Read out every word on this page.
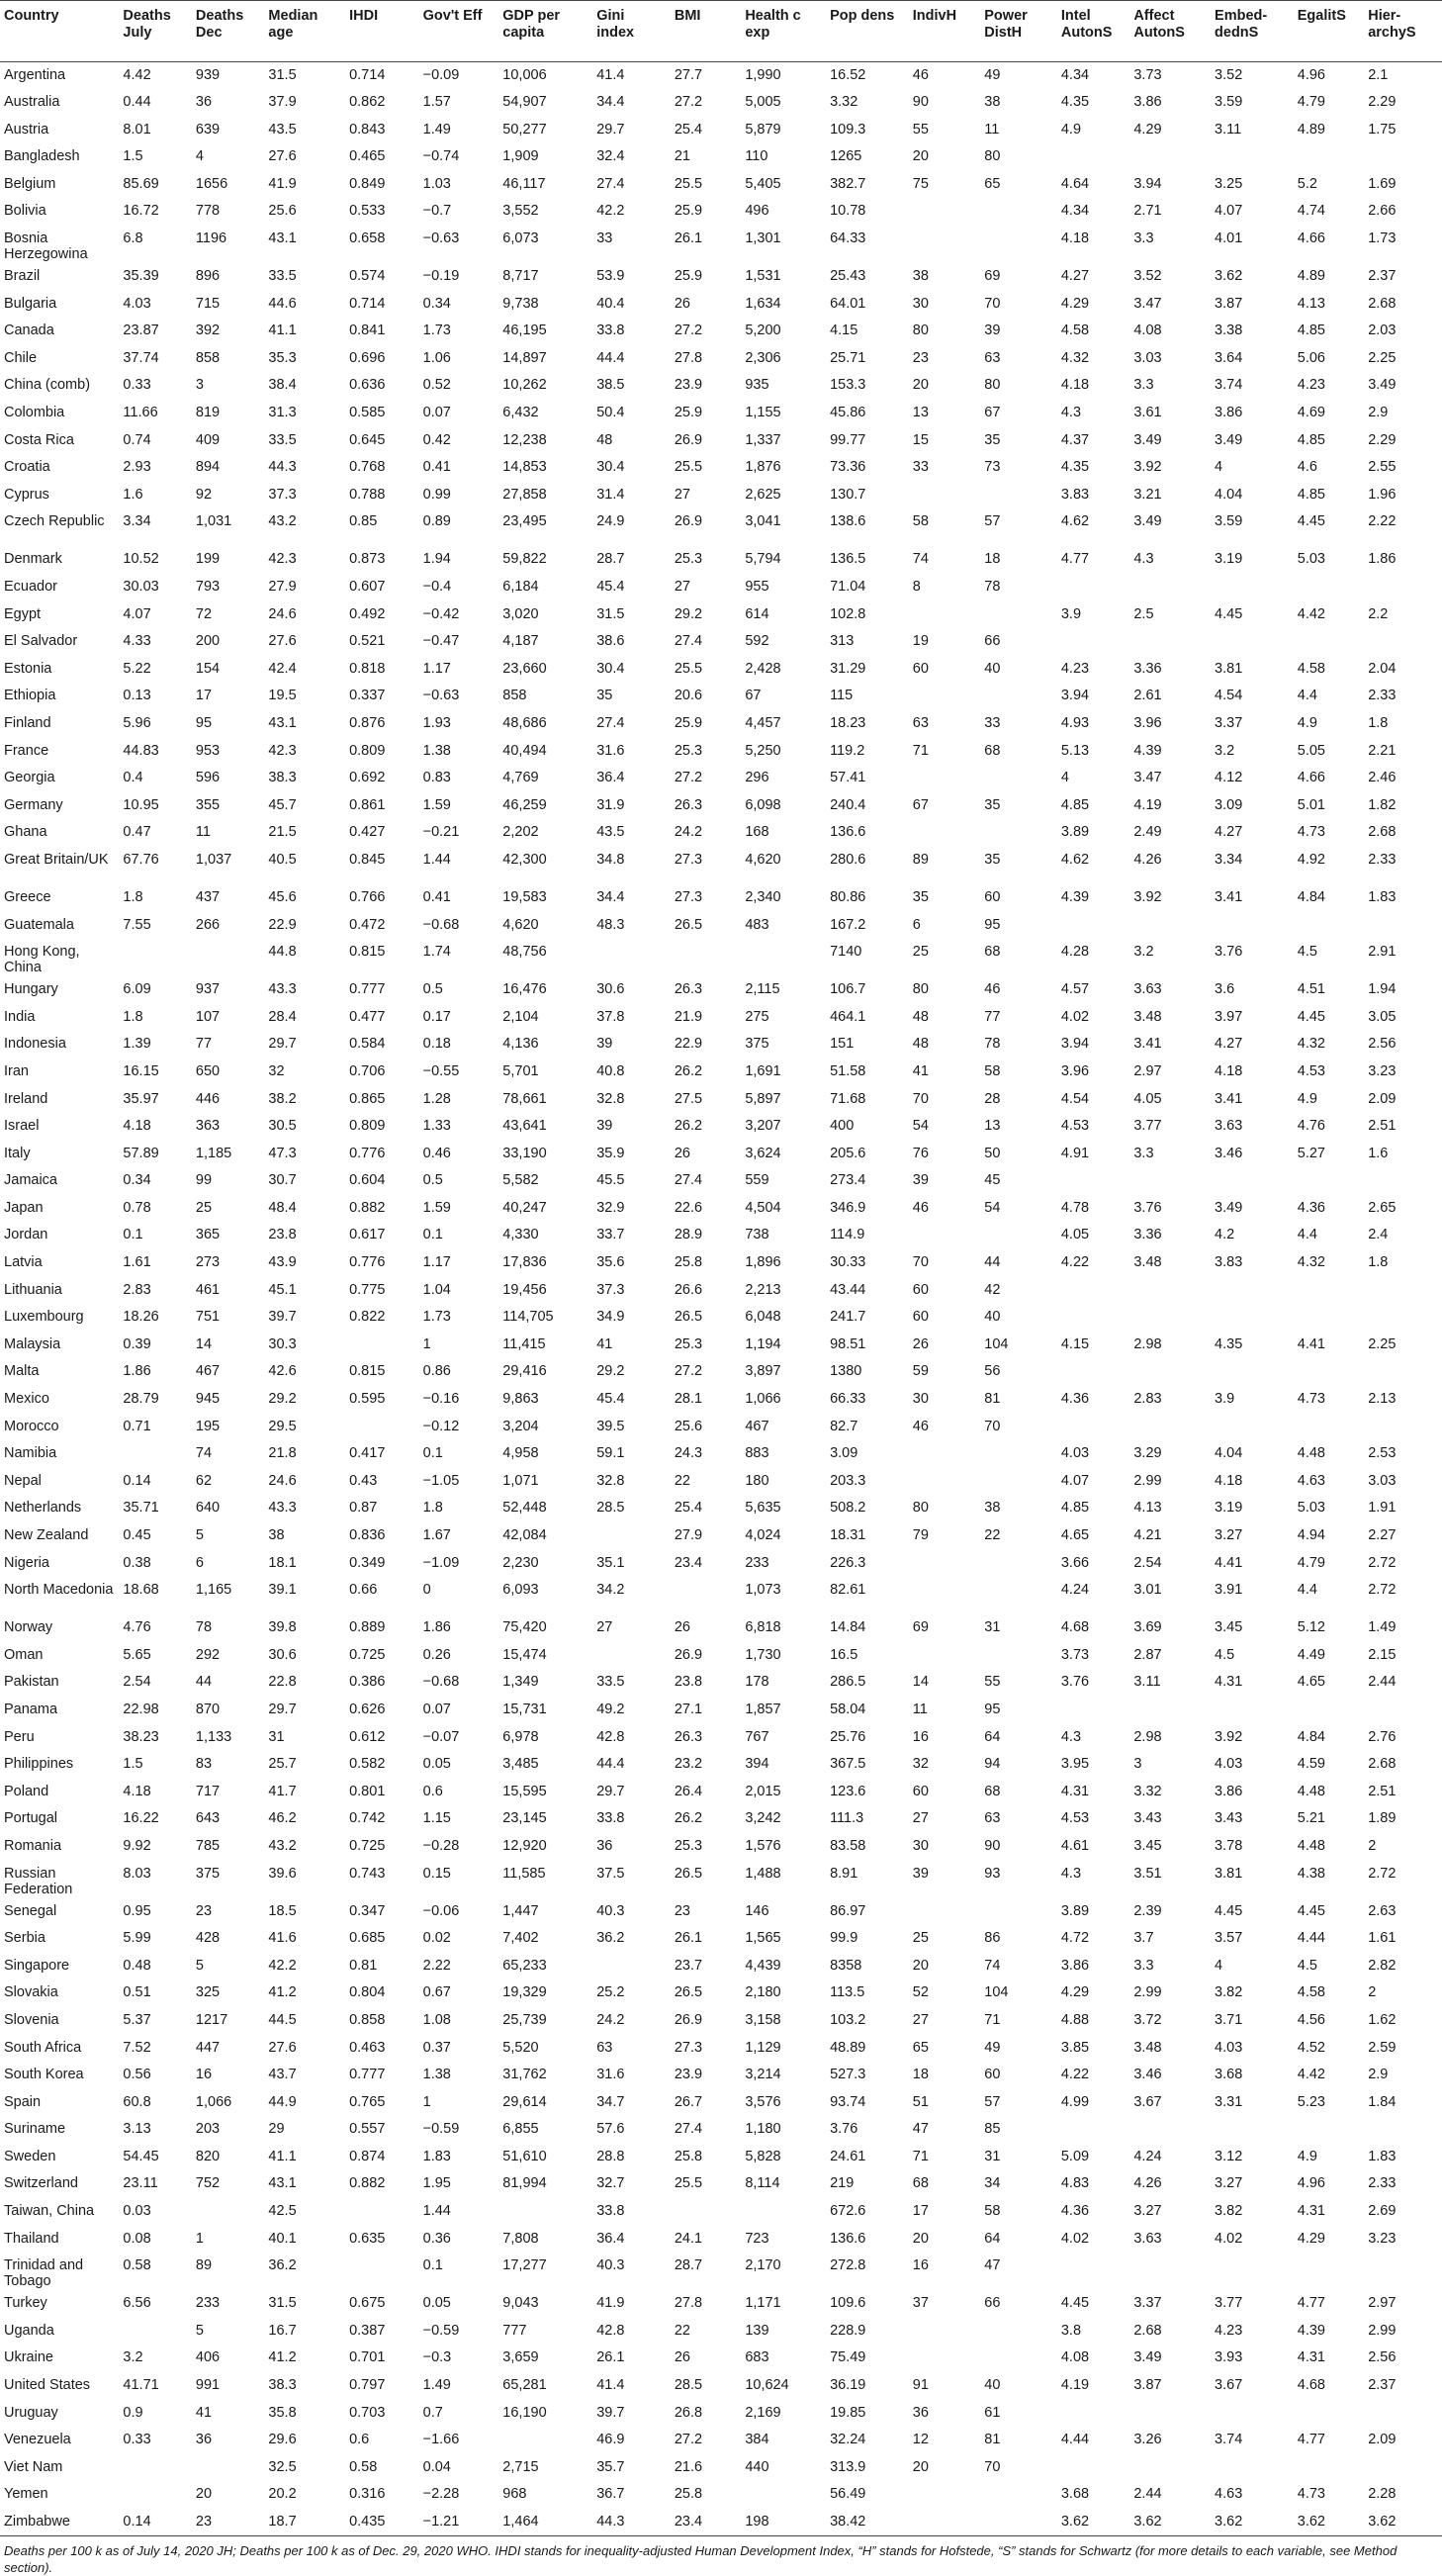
Country	Deaths July	Deaths Dec	Median age	IHDI	Gov't Eff	GDP per capita	Gini index	BMI	Health c exp	Pop dens	IndivH	Power DistH	Intel AutonS	Affect AutonS	Embed-dednS	EgalitS	Hier-archyS
Argentina	4.42	939	31.5	0.714	−0.09	10,006	41.4	27.7	1,990	16.52	46	49	4.34	3.73	3.52	4.96	2.1
Australia	0.44	36	37.9	0.862	1.57	54,907	34.4	27.2	5,005	3.32	90	38	4.35	3.86	3.59	4.79	2.29
Austria	8.01	639	43.5	0.843	1.49	50,277	29.7	25.4	5,879	109.3	55	11	4.9	4.29	3.11	4.89	1.75
Bangladesh	1.5	4	27.6	0.465	−0.74	1,909	32.4	21	110	1265	20	80					
Belgium	85.69	1656	41.9	0.849	1.03	46,117	27.4	25.5	5,405	382.7	75	65	4.64	3.94	3.25	5.2	1.69
Bolivia	16.72	778	25.6	0.533	−0.7	3,552	42.2	25.9	496	10.78			4.34	2.71	4.07	4.74	2.66
Bosnia Herzegowina	6.8	1196	43.1	0.658	−0.63	6,073	33	26.1	1,301	64.33			4.18	3.3	4.01	4.66	1.73
Brazil	35.39	896	33.5	0.574	−0.19	8,717	53.9	25.9	1,531	25.43	38	69	4.27	3.52	3.62	4.89	2.37
Bulgaria	4.03	715	44.6	0.714	0.34	9,738	40.4	26	1,634	64.01	30	70	4.29	3.47	3.87	4.13	2.68
Canada	23.87	392	41.1	0.841	1.73	46,195	33.8	27.2	5,200	4.15	80	39	4.58	4.08	3.38	4.85	2.03
Chile	37.74	858	35.3	0.696	1.06	14,897	44.4	27.8	2,306	25.71	23	63	4.32	3.03	3.64	5.06	2.25
China (comb)	0.33	3	38.4	0.636	0.52	10,262	38.5	23.9	935	153.3	20	80	4.18	3.3	3.74	4.23	3.49
Colombia	11.66	819	31.3	0.585	0.07	6,432	50.4	25.9	1,155	45.86	13	67	4.3	3.61	3.86	4.69	2.9
Costa Rica	0.74	409	33.5	0.645	0.42	12,238	48	26.9	1,337	99.77	15	35	4.37	3.49	3.49	4.85	2.29
Croatia	2.93	894	44.3	0.768	0.41	14,853	30.4	25.5	1,876	73.36	33	73	4.35	3.92	4	4.6	2.55
Cyprus	1.6	92	37.3	0.788	0.99	27,858	31.4	27	2,625	130.7			3.83	3.21	4.04	4.85	1.96
Czech Republic	3.34	1,031	43.2	0.85	0.89	23,495	24.9	26.9	3,041	138.6	58	57	4.62	3.49	3.59	4.45	2.22
Denmark	10.52	199	42.3	0.873	1.94	59,822	28.7	25.3	5,794	136.5	74	18	4.77	4.3	3.19	5.03	1.86
Ecuador	30.03	793	27.9	0.607	−0.4	6,184	45.4	27	955	71.04	8	78					
Egypt	4.07	72	24.6	0.492	−0.42	3,020	31.5	29.2	614	102.8			3.9	2.5	4.45	4.42	2.2
El Salvador	4.33	200	27.6	0.521	−0.47	4,187	38.6	27.4	592	313	19	66					
Estonia	5.22	154	42.4	0.818	1.17	23,660	30.4	25.5	2,428	31.29	60	40	4.23	3.36	3.81	4.58	2.04
Ethiopia	0.13	17	19.5	0.337	−0.63	858	35	20.6	67	115			3.94	2.61	4.54	4.4	2.33
Finland	5.96	95	43.1	0.876	1.93	48,686	27.4	25.9	4,457	18.23	63	33	4.93	3.96	3.37	4.9	1.8
France	44.83	953	42.3	0.809	1.38	40,494	31.6	25.3	5,250	119.2	71	68	5.13	4.39	3.2	5.05	2.21
Georgia	0.4	596	38.3	0.692	0.83	4,769	36.4	27.2	296	57.41			4	3.47	4.12	4.66	2.46
Germany	10.95	355	45.7	0.861	1.59	46,259	31.9	26.3	6,098	240.4	67	35	4.85	4.19	3.09	5.01	1.82
Ghana	0.47	11	21.5	0.427	−0.21	2,202	43.5	24.2	168	136.6			3.89	2.49	4.27	4.73	2.68
Great Britain/UK	67.76	1,037	40.5	0.845	1.44	42,300	34.8	27.3	4,620	280.6	89	35	4.62	4.26	3.34	4.92	2.33
Greece	1.8	437	45.6	0.766	0.41	19,583	34.4	27.3	2,340	80.86	35	60	4.39	3.92	3.41	4.84	1.83
Guatemala	7.55	266	22.9	0.472	−0.68	4,620	48.3	26.5	483	167.2	6	95					
Hong Kong, China			44.8	0.815	1.74	48,756				7140	25	68	4.28	3.2	3.76	4.5	2.91
Hungary	6.09	937	43.3	0.777	0.5	16,476	30.6	26.3	2,115	106.7	80	46	4.57	3.63	3.6	4.51	1.94
India	1.8	107	28.4	0.477	0.17	2,104	37.8	21.9	275	464.1	48	77	4.02	3.48	3.97	4.45	3.05
Indonesia	1.39	77	29.7	0.584	0.18	4,136	39	22.9	375	151	48	78	3.94	3.41	4.27	4.32	2.56
Iran	16.15	650	32	0.706	−0.55	5,701	40.8	26.2	1,691	51.58	41	58	3.96	2.97	4.18	4.53	3.23
Ireland	35.97	446	38.2	0.865	1.28	78,661	32.8	27.5	5,897	71.68	70	28	4.54	4.05	3.41	4.9	2.09
Israel	4.18	363	30.5	0.809	1.33	43,641	39	26.2	3,207	400	54	13	4.53	3.77	3.63	4.76	2.51
Italy	57.89	1,185	47.3	0.776	0.46	33,190	35.9	26	3,624	205.6	76	50	4.91	3.3	3.46	5.27	1.6
Jamaica	0.34	99	30.7	0.604	0.5	5,582	45.5	27.4	559	273.4	39	45					
Japan	0.78	25	48.4	0.882	1.59	40,247	32.9	22.6	4,504	346.9	46	54	4.78	3.76	3.49	4.36	2.65
Jordan	0.1	365	23.8	0.617	0.1	4,330	33.7	28.9	738	114.9			4.05	3.36	4.2	4.4	2.4
Latvia	1.61	273	43.9	0.776	1.17	17,836	35.6	25.8	1,896	30.33	70	44	4.22	3.48	3.83	4.32	1.8
Lithuania	2.83	461	45.1	0.775	1.04	19,456	37.3	26.6	2,213	43.44	60	42					
Luxembourg	18.26	751	39.7	0.822	1.73	114,705	34.9	26.5	6,048	241.7	60	40					
Malaysia	0.39	14	30.3		1	11,415	41	25.3	1,194	98.51	26	104	4.15	2.98	4.35	4.41	2.25
Malta	1.86	467	42.6	0.815	0.86	29,416	29.2	27.2	3,897	1380	59	56					
Mexico	28.79	945	29.2	0.595	−0.16	9,863	45.4	28.1	1,066	66.33	30	81	4.36	2.83	3.9	4.73	2.13
Morocco	0.71	195	29.5		−0.12	3,204	39.5	25.6	467	82.7	46	70					
Namibia		74	21.8	0.417	0.1	4,958	59.1	24.3	883	3.09			4.03	3.29	4.04	4.48	2.53
Nepal	0.14	62	24.6	0.43	−1.05	1,071	32.8	22	180	203.3			4.07	2.99	4.18	4.63	3.03
Netherlands	35.71	640	43.3	0.87	1.8	52,448	28.5	25.4	5,635	508.2	80	38	4.85	4.13	3.19	5.03	1.91
New Zealand	0.45	5	38	0.836	1.67	42,084		27.9	4,024	18.31	79	22	4.65	4.21	3.27	4.94	2.27
Nigeria	0.38	6	18.1	0.349	−1.09	2,230	35.1	23.4	233	226.3			3.66	2.54	4.41	4.79	2.72
North Macedonia	18.68	1,165	39.1	0.66	0	6,093	34.2		1,073	82.61			4.24	3.01	3.91	4.4	2.72
Norway	4.76	78	39.8	0.889	1.86	75,420	27	26	6,818	14.84	69	31	4.68	3.69	3.45	5.12	1.49
Oman	5.65	292	30.6	0.725	0.26	15,474		26.9	1,730	16.5			3.73	2.87	4.5	4.49	2.15
Pakistan	2.54	44	22.8	0.386	−0.68	1,349	33.5	23.8	178	286.5	14	55	3.76	3.11	4.31	4.65	2.44
Panama	22.98	870	29.7	0.626	0.07	15,731	49.2	27.1	1,857	58.04	11	95					
Peru	38.23	1,133	31	0.612	−0.07	6,978	42.8	26.3	767	25.76	16	64	4.3	2.98	3.92	4.84	2.76
Philippines	1.5	83	25.7	0.582	0.05	3,485	44.4	23.2	394	367.5	32	94	3.95	3	4.03	4.59	2.68
Poland	4.18	717	41.7	0.801	0.6	15,595	29.7	26.4	2,015	123.6	60	68	4.31	3.32	3.86	4.48	2.51
Portugal	16.22	643	46.2	0.742	1.15	23,145	33.8	26.2	3,242	111.3	27	63	4.53	3.43	3.43	5.21	1.89
Romania	9.92	785	43.2	0.725	−0.28	12,920	36	25.3	1,576	83.58	30	90	4.61	3.45	3.78	4.48	2
Russian Federation	8.03	375	39.6	0.743	0.15	11,585	37.5	26.5	1,488	8.91	39	93	4.3	3.51	3.81	4.38	2.72
Senegal	0.95	23	18.5	0.347	−0.06	1,447	40.3	23	146	86.97			3.89	2.39	4.45	4.45	2.63
Serbia	5.99	428	41.6	0.685	0.02	7,402	36.2	26.1	1,565	99.9	25	86	4.72	3.7	3.57	4.44	1.61
Singapore	0.48	5	42.2	0.81	2.22	65,233		23.7	4,439	8358	20	74	3.86	3.3	4	4.5	2.82
Slovakia	0.51	325	41.2	0.804	0.67	19,329	25.2	26.5	2,180	113.5	52	104	4.29	2.99	3.82	4.58	2
Slovenia	5.37	1217	44.5	0.858	1.08	25,739	24.2	26.9	3,158	103.2	27	71	4.88	3.72	3.71	4.56	1.62
South Africa	7.52	447	27.6	0.463	0.37	5,520	63	27.3	1,129	48.89	65	49	3.85	3.48	4.03	4.52	2.59
South Korea	0.56	16	43.7	0.777	1.38	31,762	31.6	23.9	3,214	527.3	18	60	4.22	3.46	3.68	4.42	2.9
Spain	60.8	1,066	44.9	0.765	1	29,614	34.7	26.7	3,576	93.74	51	57	4.99	3.67	3.31	5.23	1.84
Suriname	3.13	203	29	0.557	−0.59	6,855	57.6	27.4	1,180	3.76	47	85					
Sweden	54.45	820	41.1	0.874	1.83	51,610	28.8	25.8	5,828	24.61	71	31	5.09	4.24	3.12	4.9	1.83
Switzerland	23.11	752	43.1	0.882	1.95	81,994	32.7	25.5	8,114	219	68	34	4.83	4.26	3.27	4.96	2.33
Taiwan, China	0.03		42.5		1.44		33.8			672.6	17	58	4.36	3.27	3.82	4.31	2.69
Thailand	0.08	1	40.1	0.635	0.36	7,808	36.4	24.1	723	136.6	20	64	4.02	3.63	4.02	4.29	3.23
Trinidad and Tobago	0.58	89	36.2		0.1	17,277	40.3	28.7	2,170	272.8	16	47					
Turkey	6.56	233	31.5	0.675	0.05	9,043	41.9	27.8	1,171	109.6	37	66	4.45	3.37	3.77	4.77	2.97
Uganda		5	16.7	0.387	−0.59	777	42.8	22	139	228.9			3.8	2.68	4.23	4.39	2.99
Ukraine	3.2	406	41.2	0.701	−0.3	3,659	26.1	26	683	75.49			4.08	3.49	3.93	4.31	2.56
United States	41.71	991	38.3	0.797	1.49	65,281	41.4	28.5	10,624	36.19	91	40	4.19	3.87	3.67	4.68	2.37
Uruguay	0.9	41	35.8	0.703	0.7	16,190	39.7	26.8	2,169	19.85	36	61					
Venezuela	0.33	36	29.6	0.6	−1.66		46.9	27.2	384	32.24	12	81	4.44	3.26	3.74	4.77	2.09
Viet Nam			32.5	0.58	0.04	2,715	35.7	21.6	440	313.9	20	70					
Yemen		20	20.2	0.316	−2.28	968	36.7	25.8		56.49			3.68	2.44	4.63	4.73	2.28
Zimbabwe	0.14	23	18.7	0.435	−1.21	1,464	44.3	23.4	198	38.42			3.62	3.62	3.62	3.62	3.62
Deaths per 100 k as of July 14, 2020 JH; Deaths per 100 k as of Dec. 29, 2020 WHO. IHDI stands for inequality-adjusted Human Development Index, “H” stands for Hofstede, “S” stands for Schwartz (for more details to each variable, see Method section).
